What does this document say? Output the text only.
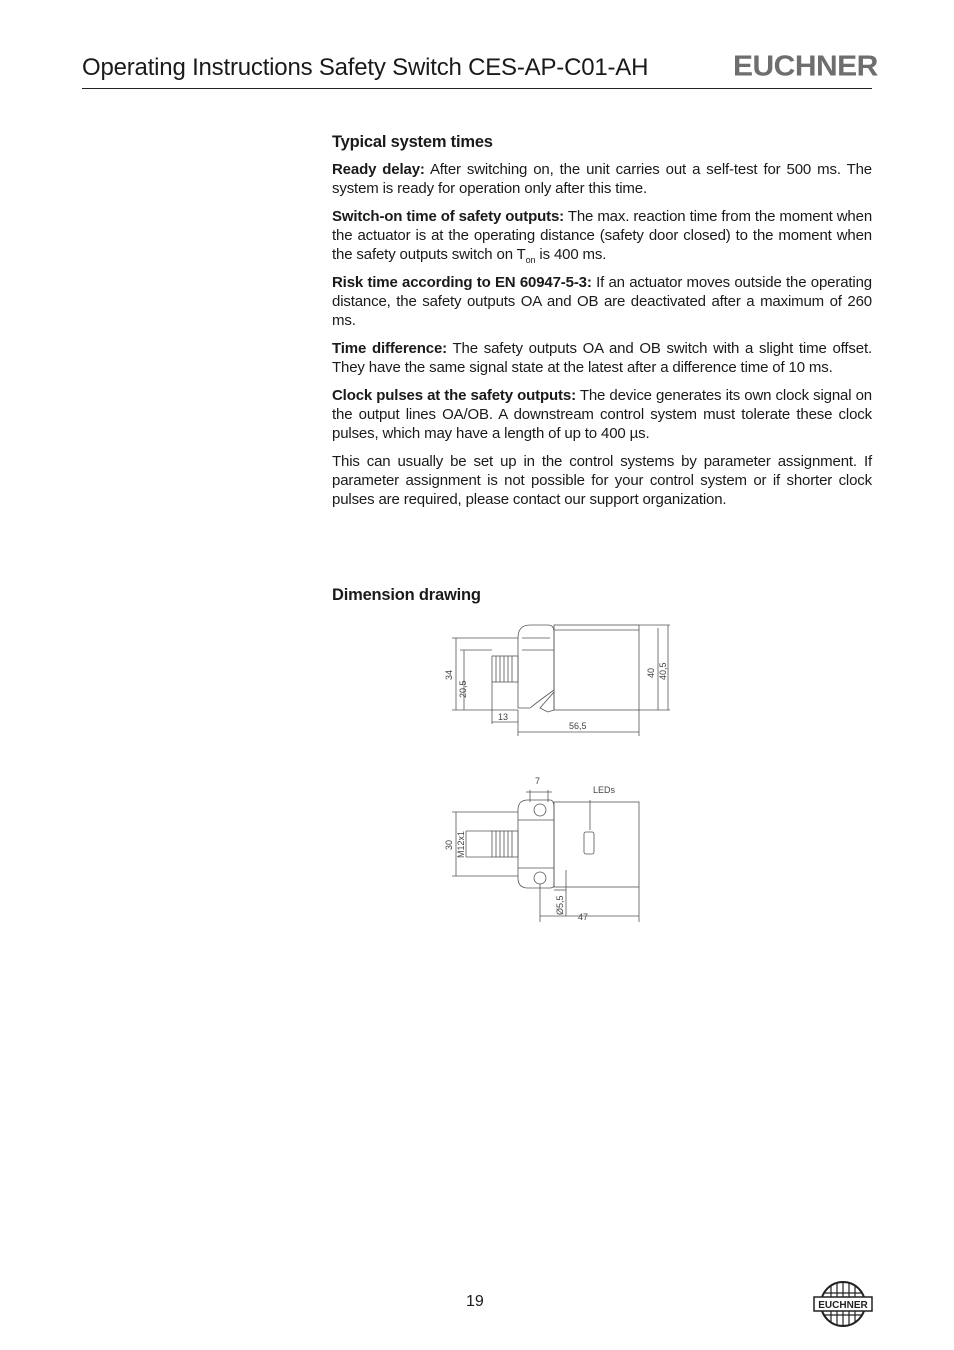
Operating Instructions Safety Switch CES-AP-C01-AH	EUCHNER
Typical system times

Ready delay: After switching on, the unit carries out a self-test for 500 ms. The system is ready for operation only after this time.

Switch-on time of safety outputs: The max. reaction time from the moment when the actuator is at the operating distance (safety door closed) to the moment when the safety outputs switch on $T_{on}$ is 400 ms.

Risk time according to EN 60947-5-3: If an actuator moves outside the operating distance, the safety outputs OA and OB are deactivated after a maximum of 260 ms.

Time difference: The safety outputs OA and OB switch with a slight time offset. They have the same signal state at the latest after a difference time of 10 ms.

Clock pulses at the safety outputs: The device generates its own clock signal on the output lines OA/OB. A downstream control system must tolerate these clock pulses, which may have a length of up to 400 µs.

This can usually be set up in the control systems by parameter assignment. If parameter assignment is not possible for your control system or if shorter clock pulses are required, please contact our support organization.

Dimension drawing
34
20,5
13
56,5
40 40,5
7
LEDs
30 M12x1
Ø5,5
47
19	EUCHNER
